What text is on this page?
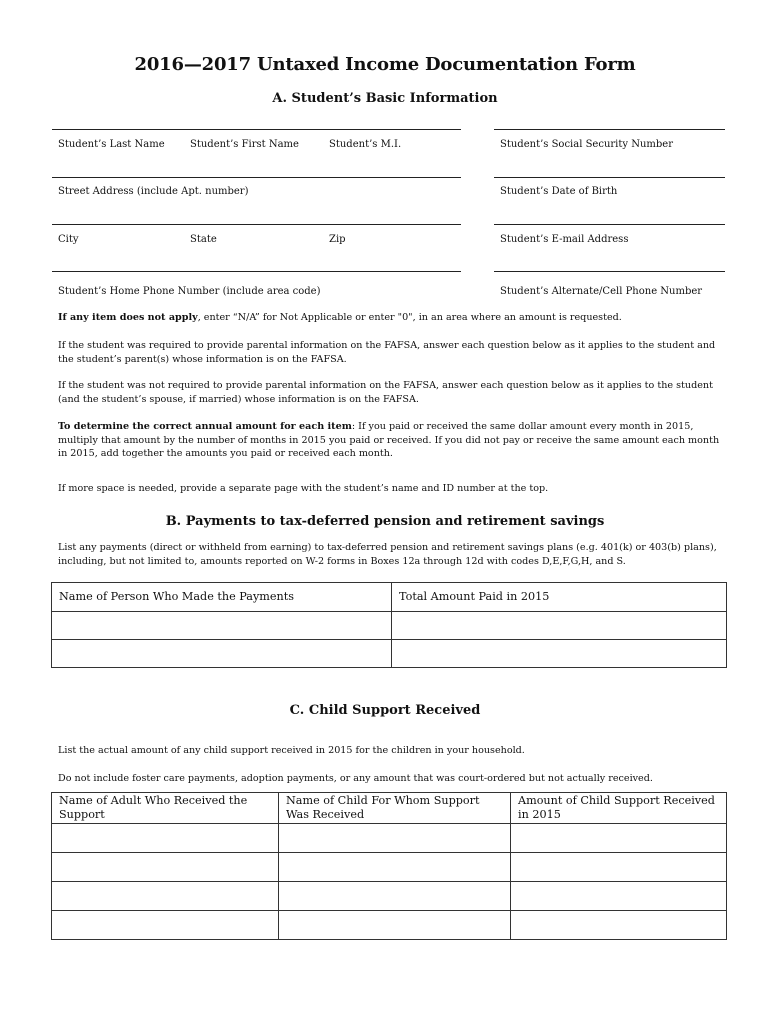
2016—2017 Untaxed Income Documentation Form
A. Student’s Basic Information
Student’s Last Name	Student’s First Name	Student’s M.I.	Student’s Social Security Number
Street Address (include Apt. number)	Student’s Date of Birth
City	State	Zip	Student’s E-mail Address
Student’s Home Phone Number (include area code)	Student’s Alternate/Cell Phone Number
If any item does not apply, enter “N/A” for Not Applicable or enter "0", in an area where an amount is requested.
If the student was required to provide parental information on the FAFSA, answer each question below as it applies to the student and the student’s parent(s) whose information is on the FAFSA.
If the student was not required to provide parental information on the FAFSA, answer each question below as it applies to the student (and the student’s spouse, if married) whose information is on the FAFSA.
To determine the correct annual amount for each item: If you paid or received the same dollar amount every month in 2015, multiply that amount by the number of months in 2015 you paid or received. If you did not pay or receive the same amount each month in 2015, add together the amounts you paid or received each month.
If more space is needed, provide a separate page with the student’s name and ID number at the top.
B. Payments to tax-deferred pension and retirement savings
List any payments (direct or withheld from earning) to tax-deferred pension and retirement savings plans (e.g. 401(k) or 403(b) plans), including, but not limited to, amounts reported on W-2 forms in Boxes 12a through 12d with codes D,E,F,G,H, and S.
Name of Person Who Made the Payments	Total Amount Paid in 2015

C. Child Support Received
List the actual amount of any child support received in 2015 for the children in your household.
Do not include foster care payments, adoption payments, or any amount that was court-ordered but not actually received.
Name of Adult Who Received the Support	Name of Child For Whom Support Was Received	Amount of Child Support Received in 2015
